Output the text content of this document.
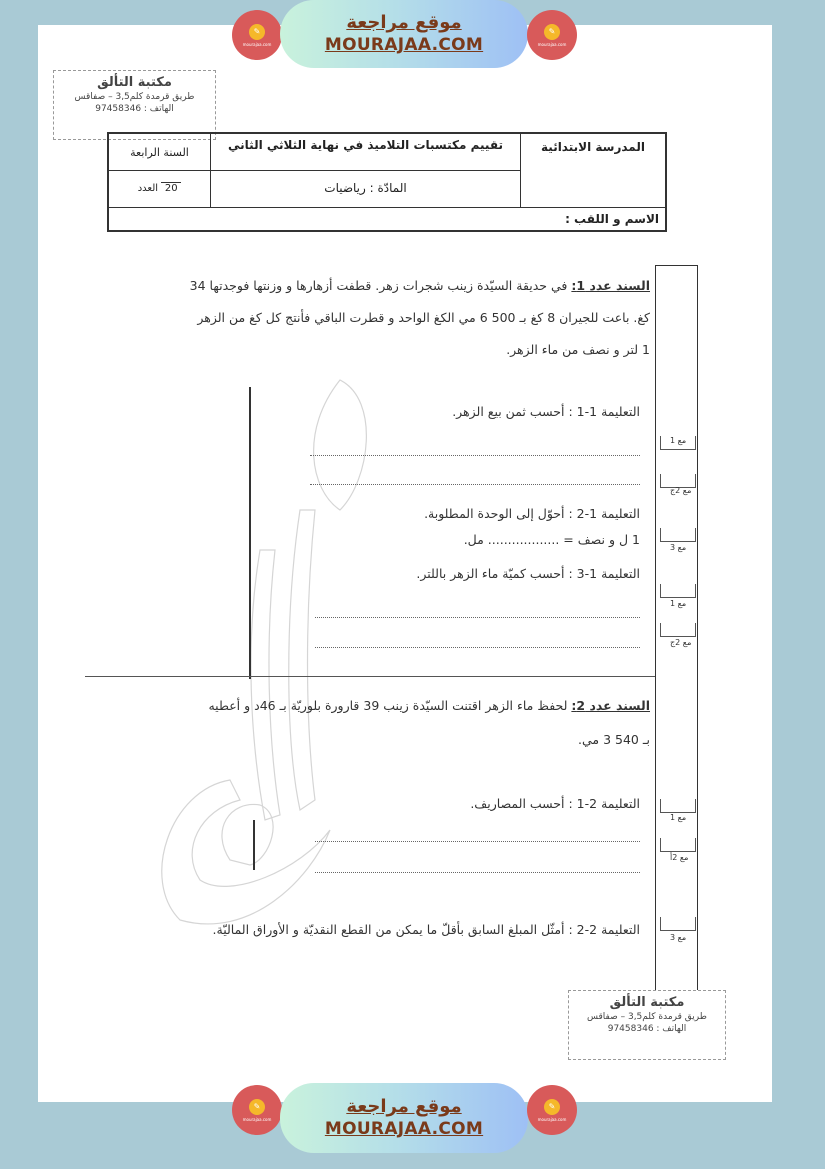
✎
mourajaa.com
موقع مراجعة
MOURAJAA.COM
✎
mourajaa.com
مكتبة التألق
طريق قرمدة كلم3,5 – صفاقس
الهاتف : 97458346
المدرسة الابتدائية
تقييم مكتسبات التلاميذ في نهاية الثلاثي الثاني
المادّة : رياضيات
السنة الرابعة
20 العدد
الاسم و اللقب :
مع 1
مع 2ج
مع 3
مع 1
مع 2ج
مع 1
مع 2أ
مع 3
السند عدد 1: في حديقة السيّدة زينب شجرات زهر. قطفت أزهارها و وزنتها فوجدتها 34
كغ. باعت للجيران 8 كغ بـ 500 6 مي الكغ الواحد و قطرت الباقي فأنتج كل كغ من الزهر
1 لتر و نصف من ماء الزهر.
التعليمة 1-1 : أحسب ثمن بيع الزهر.
التعليمة 1-2 : أحوّل إلى الوحدة المطلوبة.
1 ل و نصف = .................. مل.
التعليمة 1-3 : أحسب كميّة ماء الزهر باللتر.
السند عدد 2: لحفظ ماء الزهر اقتنت السيّدة زينب 39 قارورة بلوريّة بـ 46د و أعطيه
بـ 540 3 مي.
التعليمة 2-1 : أحسب المصاريف.
التعليمة 2-2 : أمثّل المبلغ السابق بأقلّ ما يمكن من القطع النقديّة و الأوراق الماليّة.
مكتبة التألق
طريق قرمدة كلم3,5 – صفاقس
الهاتف : 97458346
✎
mourajaa.com
موقع مراجعة
MOURAJAA.COM
✎
mourajaa.com
